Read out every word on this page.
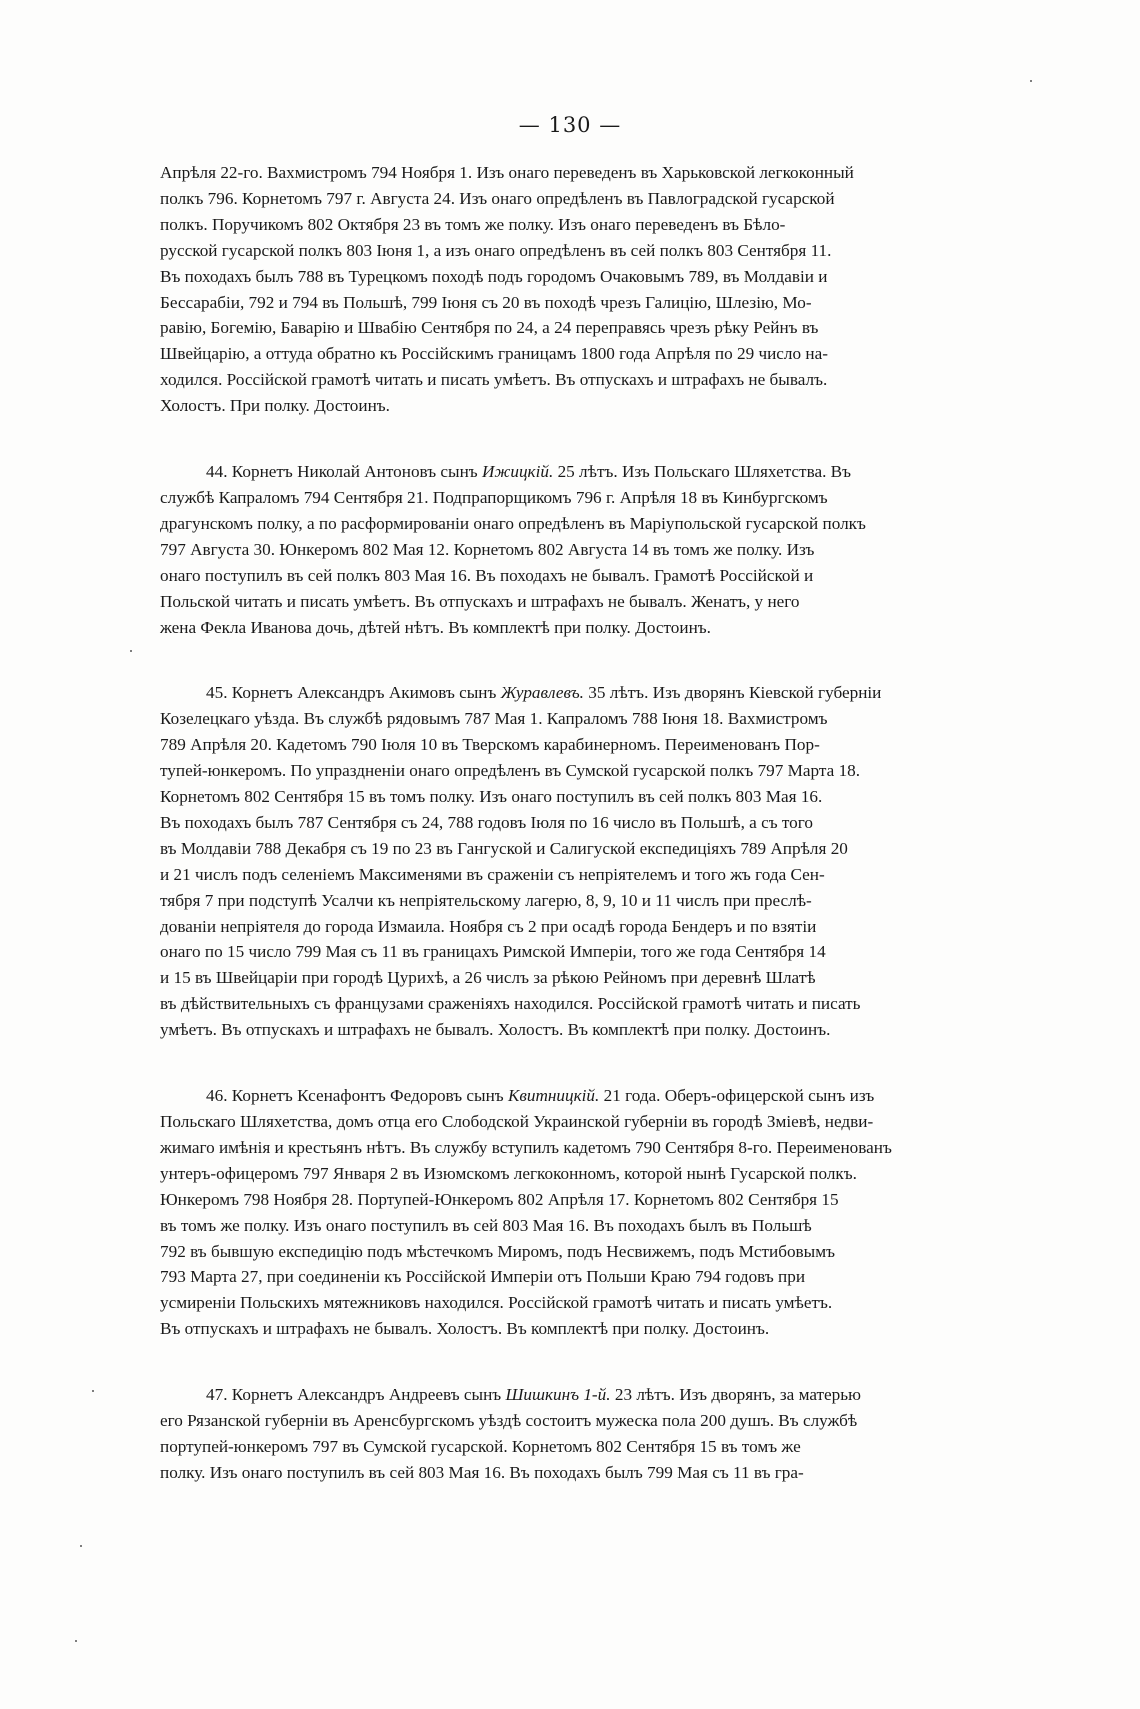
— 130 —

Апрѣля 22-го. Вахмистромъ 794 Ноября 1. Изъ онаго переведенъ въ Харьковской легкоконный
полкъ 796. Корнетомъ 797 г. Августа 24. Изъ онаго опредѣленъ въ Павлоградской гусарской
полкъ. Поручикомъ 802 Октября 23 въ томъ же полку. Изъ онаго переведенъ въ Бѣло-
русской гусарской полкъ 803 Іюня 1, а изъ онаго опредѣленъ въ сей полкъ 803 Сентября 11.
Въ походахъ былъ 788 въ Турецкомъ походѣ подъ городомъ Очаковымъ 789, въ Молдавіи и
Бессарабіи, 792 и 794 въ Польшѣ, 799 Іюня съ 20 въ походѣ чрезъ Галицію, Шлезію, Мо-
равію, Богемію, Баварію и Швабію Сентября по 24, а 24 переправясь чрезъ рѣку Рейнъ въ
Швейцарію, а оттуда обратно къ Россійскимъ границамъ 1800 года Апрѣля по 29 число на-
ходился. Россійской грамотѣ читать и писать умѣетъ. Въ отпускахъ и штрафахъ не бывалъ.
Холостъ. При полку. Достоинъ.

44. Корнетъ Николай Антоновъ сынъ Ижицкій. 25 лѣтъ. Изъ Польскаго Шляхетства. Въ
службѣ Капраломъ 794 Сентября 21. Подпрапорщикомъ 796 г. Апрѣля 18 въ Кинбургскомъ
драгунскомъ полку, а по расформированіи онаго опредѣленъ въ Маріупольской гусарской полкъ
797 Августа 30. Юнкеромъ 802 Мая 12. Корнетомъ 802 Августа 14 въ томъ же полку. Изъ
онаго поступилъ въ сей полкъ 803 Мая 16. Въ походахъ не бывалъ. Грамотѣ Россійской и
Польской читать и писать умѣетъ. Въ отпускахъ и штрафахъ не бывалъ. Женатъ, у него
жена Фекла Иванова дочь, дѣтей нѣтъ. Въ комплектѣ при полку. Достоинъ.

45. Корнетъ Александръ Акимовъ сынъ Журавлевъ. 35 лѣтъ. Изъ дворянъ Кіевской губерніи
Козелецкаго уѣзда. Въ службѣ рядовымъ 787 Мая 1. Капраломъ 788 Іюня 18. Вахмистромъ
789 Апрѣля 20. Кадетомъ 790 Іюля 10 въ Тверскомъ карабинерномъ. Переименованъ Пор-
тупей-юнкеромъ. По упраздненіи онаго опредѣленъ въ Сумской гусарской полкъ 797 Марта 18.
Корнетомъ 802 Сентября 15 въ томъ полку. Изъ онаго поступилъ въ сей полкъ 803 Мая 16.
Въ походахъ былъ 787 Сентября съ 24, 788 годовъ Іюля по 16 число въ Польшѣ, а съ того
въ Молдавіи 788 Декабря съ 19 по 23 въ Гангуской и Салигуской експедиціяхъ 789 Апрѣля 20
и 21 числъ подъ селеніемъ Максименями въ сраженіи съ непріятелемъ и того жъ года Сен-
тября 7 при подступѣ Усалчи къ непріятельскому лагерю, 8, 9, 10 и 11 числъ при преслѣ-
дованіи непріятеля до города Измаила. Ноября съ 2 при осадѣ города Бендеръ и по взятіи
онаго по 15 число 799 Мая съ 11 въ границахъ Римской Имперіи, того же года Сентября 14
и 15 въ Швейцаріи при городѣ Цурихѣ, а 26 числъ за рѣкою Рейномъ при деревнѣ Шлатѣ
въ дѣйствительныхъ съ французами сраженіяхъ находился. Россійской грамотѣ читать и писать
умѣетъ. Въ отпускахъ и штрафахъ не бывалъ. Холостъ. Въ комплектѣ при полку. Достоинъ.

46. Корнетъ Ксенафонтъ Федоровъ сынъ Квитницкій. 21 года. Оберъ-офицерской сынъ изъ
Польскаго Шляхетства, домъ отца его Слободской Украинской губерніи въ городѣ Зміевѣ, недви-
жимаго имѣнія и крестьянъ нѣтъ. Въ службу вступилъ кадетомъ 790 Сентября 8-го. Переименованъ
унтеръ-офицеромъ 797 Января 2 въ Изюмскомъ легкоконномъ, которой нынѣ Гусарской полкъ.
Юнкеромъ 798 Ноября 28. Портупей-Юнкеромъ 802 Апрѣля 17. Корнетомъ 802 Сентября 15
въ томъ же полку. Изъ онаго поступилъ въ сей 803 Мая 16. Въ походахъ былъ въ Польшѣ
792 въ бывшую експедицію подъ мѣстечкомъ Миромъ, подъ Несвижемъ, подъ Мстибовымъ
793 Марта 27, при соединеніи къ Россійской Имперіи отъ Польши Краю 794 годовъ при
усмиреніи Польскихъ мятежниковъ находился. Россійской грамотѣ читать и писать умѣетъ.
Въ отпускахъ и штрафахъ не бывалъ. Холостъ. Въ комплектѣ при полку. Достоинъ.

47. Корнетъ Александръ Андреевъ сынъ Шишкинъ 1-й. 23 лѣтъ. Изъ дворянъ, за матерью
его Рязанской губерніи въ Аренсбургскомъ уѣздѣ состоитъ мужеска пола 200 душъ. Въ службѣ
портупей-юнкеромъ 797 въ Сумской гусарской. Корнетомъ 802 Сентября 15 въ томъ же
полку. Изъ онаго поступилъ въ сей 803 Мая 16. Въ походахъ былъ 799 Мая съ 11 въ гра-
